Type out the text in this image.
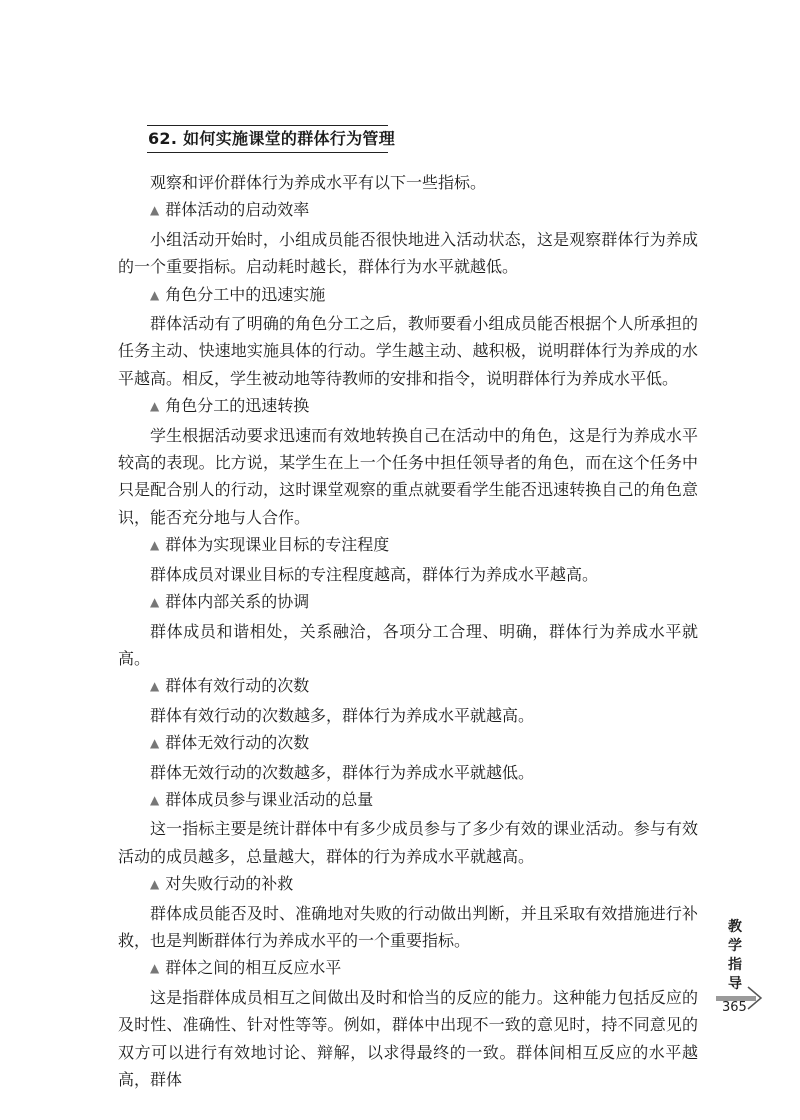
62. 如何实施课堂的群体行为管理

观察和评价群体行为养成水平有以下一些指标。

▲ 群体活动的启动效率

小组活动开始时，小组成员能否很快地进入活动状态，这是观察群体行为养成的一个重要指标。启动耗时越长，群体行为水平就越低。

▲ 角色分工中的迅速实施

群体活动有了明确的角色分工之后，教师要看小组成员能否根据个人所承担的任务主动、快速地实施具体的行动。学生越主动、越积极，说明群体行为养成的水平越高。相反，学生被动地等待教师的安排和指令，说明群体行为养成水平低。

▲ 角色分工的迅速转换

学生根据活动要求迅速而有效地转换自己在活动中的角色，这是行为养成水平较高的表现。比方说，某学生在上一个任务中担任领导者的角色，而在这个任务中只是配合别人的行动，这时课堂观察的重点就要看学生能否迅速转换自己的角色意识，能否充分地与人合作。

▲ 群体为实现课业目标的专注程度

群体成员对课业目标的专注程度越高，群体行为养成水平越高。

▲ 群体内部关系的协调

群体成员和谐相处，关系融洽，各项分工合理、明确，群体行为养成水平就高。

▲ 群体有效行动的次数

群体有效行动的次数越多，群体行为养成水平就越高。

▲ 群体无效行动的次数

群体无效行动的次数越多，群体行为养成水平就越低。

▲ 群体成员参与课业活动的总量

这一指标主要是统计群体中有多少成员参与了多少有效的课业活动。参与有效活动的成员越多，总量越大，群体的行为养成水平就越高。

▲ 对失败行动的补救

群体成员能否及时、准确地对失败的行动做出判断，并且采取有效措施进行补救，也是判断群体行为养成水平的一个重要指标。

▲ 群体之间的相互反应水平

这是指群体成员相互之间做出及时和恰当的反应的能力。这种能力包括反应的及时性、准确性、针对性等等。例如，群体中出现不一致的意见时，持不同意见的双方可以进行有效地讨论、辩解，以求得最终的一致。群体间相互反应的水平越高，群体

教
学
指
导
365
